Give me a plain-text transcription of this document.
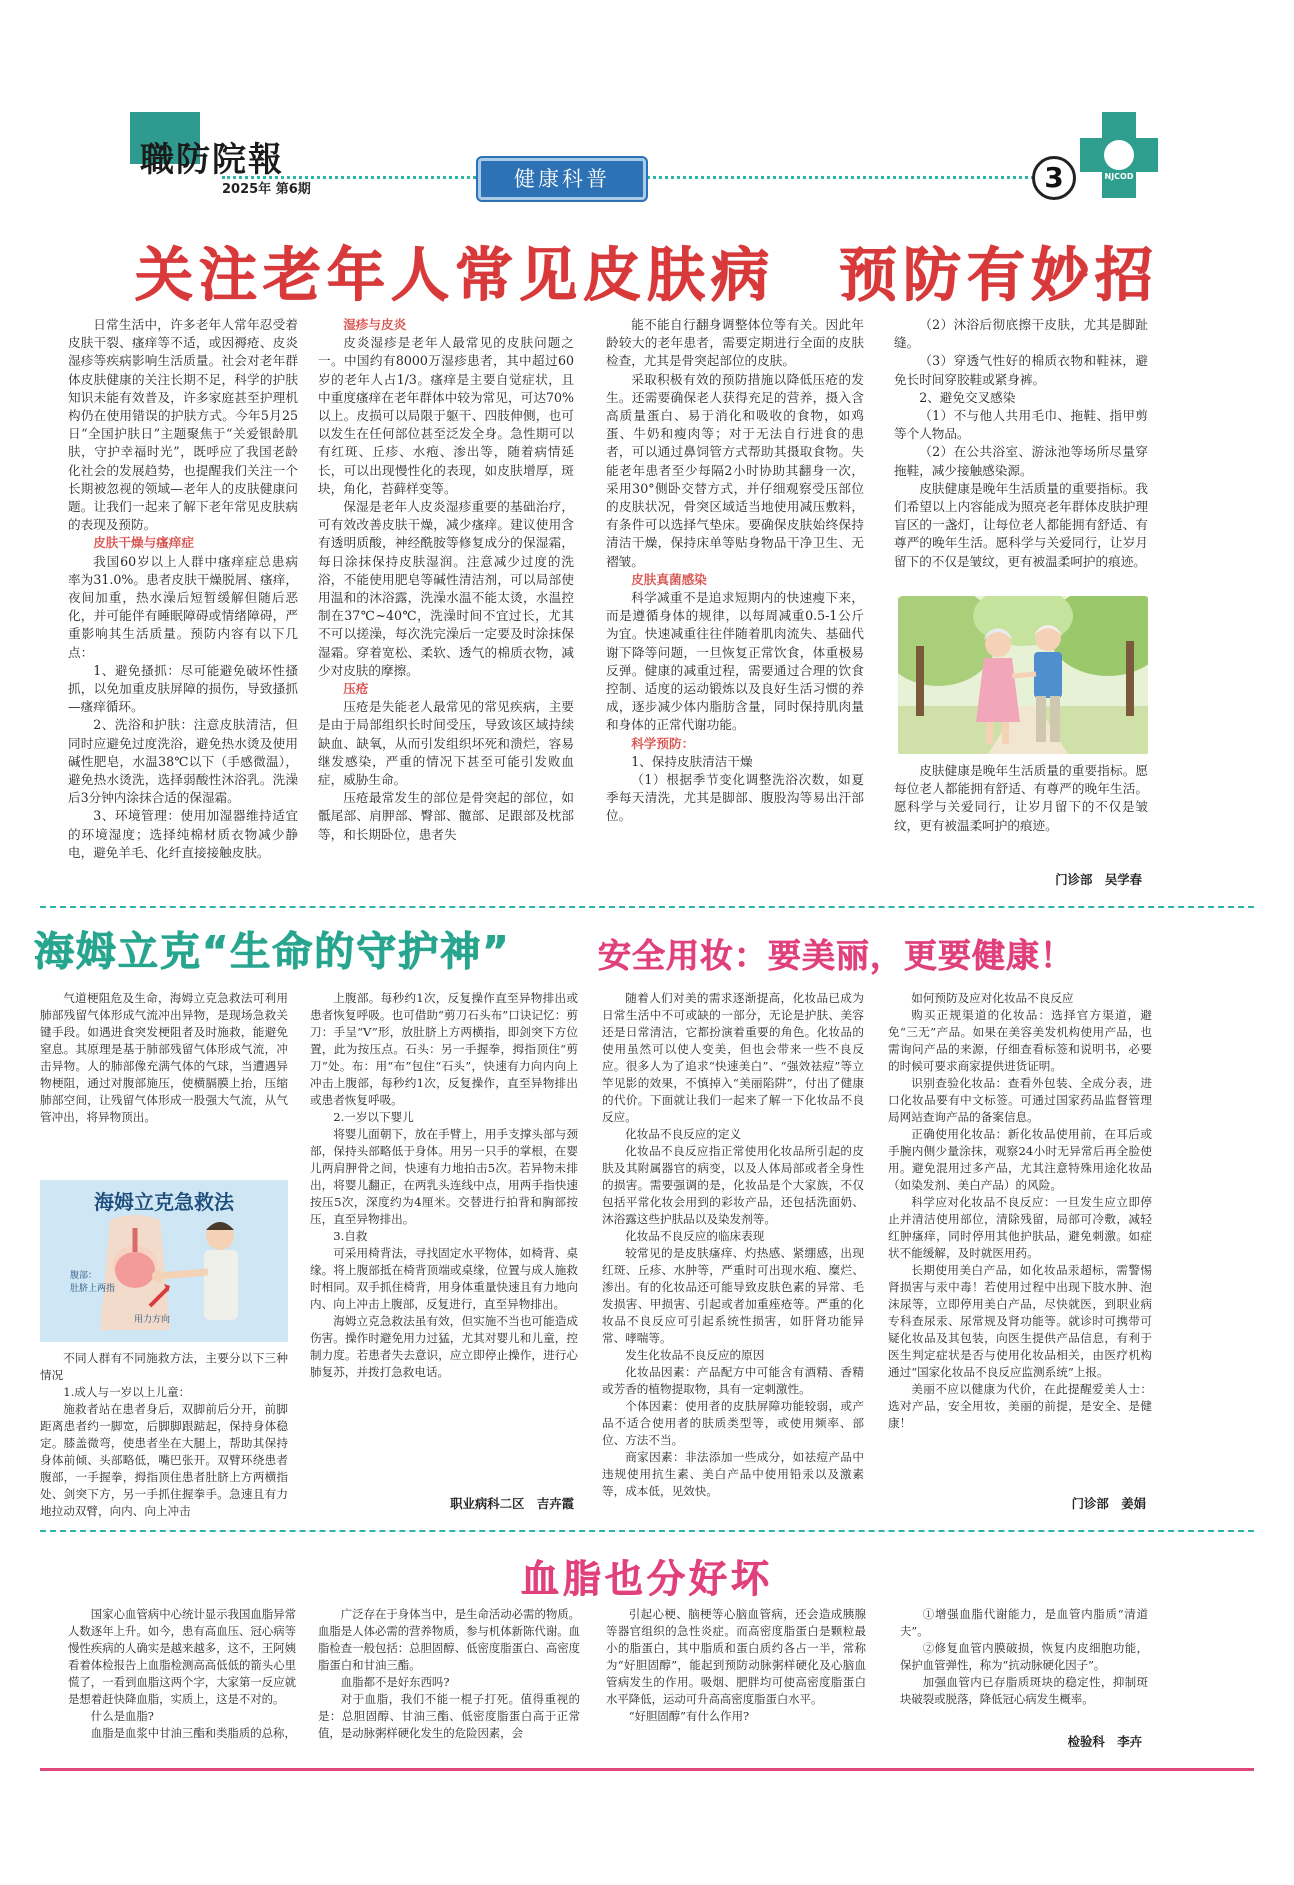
職防院報
2025年 第6期	健康科普	3	NJCOD
关注老年人常见皮肤病　预防有妙招

日常生活中，许多老年人常年忍受着皮肤干裂、瘙痒等不适，或因褥疮、皮炎湿疹等疾病影响生活质量。社会对老年群体皮肤健康的关注长期不足，科学的护肤知识未能有效普及，许多家庭甚至护理机构仍在使用错误的护肤方式。今年5月25日“全国护肤日”主题聚焦于“关爱银龄肌肤，守护幸福时光”，既呼应了我国老龄化社会的发展趋势，也提醒我们关注一个长期被忽视的领域—老年人的皮肤健康问题。让我们一起来了解下老年常见皮肤病的表现及预防。

皮肤干燥与瘙痒症

我国60岁以上人群中瘙痒症总患病率为31.0%。患者皮肤干燥脱屑、瘙痒，夜间加重，热水澡后短暂缓解但随后恶化，并可能伴有睡眠障碍或情绪障碍，严重影响其生活质量。预防内容有以下几点：

1、避免搔抓：尽可能避免破坏性搔抓，以免加重皮肤屏障的损伤，导致搔抓—瘙痒循环。

2、洗浴和护肤：注意皮肤清洁，但同时应避免过度洗浴，避免热水烫及使用碱性肥皂，水温38℃以下（手感微温），避免热水烫洗，选择弱酸性沐浴乳。洗澡后3分钟内涂抹合适的保湿霜。

3、环境管理：使用加湿器维持适宜的环境湿度；选择纯棉材质衣物减少静电，避免羊毛、化纤直接接触皮肤。

湿疹与皮炎

皮炎湿疹是老年人最常见的皮肤问题之一。中国约有8000万湿疹患者，其中超过60岁的老年人占1/3。瘙痒是主要自觉症状，且中重度瘙痒在老年群体中较为常见，可达70%以上。皮损可以局限于躯干、四肢伸侧，也可以发生在任何部位甚至泛发全身。急性期可以有红斑、丘疹、水疱、渗出等，随着病情延长，可以出现慢性化的表现，如皮肤增厚，斑块，角化，苔藓样变等。

保湿是老年人皮炎湿疹重要的基础治疗，可有效改善皮肤干燥，减少瘙痒。建议使用含有透明质酸，神经酰胺等修复成分的保湿霜，每日涂抹保持皮肤湿润。注意减少过度的洗浴，不能使用肥皂等碱性清洁剂，可以局部使用温和的沐浴露，洗澡水温不能太烫，水温控制在37℃~40℃，洗澡时间不宜过长，尤其不可以搓澡，每次洗完澡后一定要及时涂抹保湿霜。穿着宽松、柔软、透气的棉质衣物，减少对皮肤的摩擦。

压疮

压疮是失能老人最常见的常见疾病，主要是由于局部组织长时间受压，导致该区域持续缺血、缺氧，从而引发组织坏死和溃烂，容易继发感染，严重的情况下甚至可能引发败血症，威胁生命。

压疮最常发生的部位是骨突起的部位，如骶尾部、肩胛部、臀部、髋部、足跟部及枕部等，和长期卧位，患者失

能不能自行翻身调整体位等有关。因此年龄较大的老年患者，需要定期进行全面的皮肤检查，尤其是骨突起部位的皮肤。

采取积极有效的预防措施以降低压疮的发生。还需要确保老人获得充足的营养，摄入含高质量蛋白、易于消化和吸收的食物，如鸡蛋、牛奶和瘦肉等；对于无法自行进食的患者，可以通过鼻饲管方式帮助其摄取食物。失能老年患者至少每隔2小时协助其翻身一次，采用30°侧卧交替方式，并仔细观察受压部位的皮肤状况，骨突区域适当地使用减压敷料，有条件可以选择气垫床。要确保皮肤始终保持清洁干燥，保持床单等贴身物品干净卫生、无褶皱。

皮肤真菌感染

科学减重不是追求短期内的快速瘦下来，而是遵循身体的规律，以每周减重0.5-1公斤为宜。快速减重往往伴随着肌肉流失、基础代谢下降等问题，一旦恢复正常饮食，体重极易反弹。健康的减重过程，需要通过合理的饮食控制、适度的运动锻炼以及良好生活习惯的养成，逐步减少体内脂肪含量，同时保持肌肉量和身体的正常代谢功能。

科学预防：

1、保持皮肤清洁干燥

（1）根据季节变化调整洗浴次数，如夏季每天清洗，尤其是脚部、腹股沟等易出汗部位。

（2）沐浴后彻底擦干皮肤，尤其是脚趾缝。

（3）穿透气性好的棉质衣物和鞋袜，避免长时间穿胶鞋或紧身裤。

2、避免交叉感染

（1）不与他人共用毛巾、拖鞋、指甲剪等个人物品。

（2）在公共浴室、游泳池等场所尽量穿拖鞋，减少接触感染源。

皮肤健康是晚年生活质量的重要指标。我们希望以上内容能成为照亮老年群体皮肤护理盲区的一盏灯，让每位老人都能拥有舒适、有尊严的晚年生活。愿科学与关爱同行，让岁月留下的不仅是皱纹，更有被温柔呵护的痕迹。

皮肤健康是晚年生活质量的重要指标。愿每位老人都能拥有舒适、有尊严的晚年生活。愿科学与关爱同行，让岁月留下的不仅是皱纹，更有被温柔呵护的痕迹。

门诊部　吴学春
海姆立克“生命的守护神”

气道梗阻危及生命，海姆立克急救法可利用肺部残留气体形成气流冲出异物，是现场急救关键手段。如遇进食突发梗阻者及时施救，能避免窒息。其原理是基于肺部残留气体形成气流，冲击异物。人的肺部像充满气体的气球，当遭遇异物梗阻，通过对腹部施压，使横膈膜上抬，压缩肺部空间，让残留气体形成一股强大气流，从气管冲出，将异物顶出。

海姆立克急救法
腹部：
肚脐上两指
用力方向

不同人群有不同施救方法，主要分以下三种情况

1.成人与一岁以上儿童：

施救者站在患者身后，双脚前后分开，前脚距离患者约一脚宽，后脚脚跟踮起，保持身体稳定。膝盖微弯，使患者坐在大腿上，帮助其保持身体前倾、头部略低，嘴巴张开。双臂环绕患者腹部，一手握拳，拇指顶住患者肚脐上方两横指处、剑突下方，另一手抓住握拳手。急速且有力地拉动双臂，向内、向上冲击

上腹部。每秒约1次，反复操作直至异物排出或患者恢复呼吸。也可借助“剪刀石头布”口诀记忆：剪刀：手呈“V”形，放肚脐上方两横指，即剑突下方位置，此为按压点。石头：另一手握拳，拇指顶住“剪刀”处。布：用“布”包住“石头”，快速有力向内向上冲击上腹部，每秒约1次，反复操作，直至异物排出或患者恢复呼吸。

2.一岁以下婴儿

将婴儿面朝下，放在手臂上，用手支撑头部与颈部，保持头部略低于身体。用另一只手的掌根，在婴儿两肩胛骨之间，快速有力地拍击5次。若异物未排出，将婴儿翻正，在两乳头连线中点，用两手指快速按压5次，深度约为4厘米。交替进行拍背和胸部按压，直至异物排出。

3.自救

可采用椅背法，寻找固定水平物体，如椅背、桌缘。将上腹部抵在椅背顶端或桌缘，位置与成人施救时相同。双手抓住椅背，用身体重量快速且有力地向内、向上冲击上腹部，反复进行，直至异物排出。

海姆立克急救法虽有效，但实施不当也可能造成伤害。操作时避免用力过猛，尤其对婴儿和儿童，控制力度。若患者失去意识，应立即停止操作，进行心肺复苏，并拨打急救电话。

职业病科二区　吉卉霞
安全用妆：要美丽，更要健康！

随着人们对美的需求逐渐提高，化妆品已成为日常生活中不可或缺的一部分，无论是护肤、美容还是日常清洁，它都扮演着重要的角色。化妆品的使用虽然可以使人变美，但也会带来一些不良反应。很多人为了追求“快速美白”、“强效祛痘”等立竿见影的效果，不慎掉入“美丽陷阱”，付出了健康的代价。下面就让我们一起来了解一下化妆品不良反应。

化妆品不良反应的定义

化妆品不良反应指正常使用化妆品所引起的皮肤及其附属器官的病变，以及人体局部或者全身性的损害。需要强调的是，化妆品是个大家族，不仅包括平常化妆会用到的彩妆产品，还包括洗面奶、沐浴露这些护肤品以及染发剂等。

化妆品不良反应的临床表现

较常见的是皮肤瘙痒、灼热感、紧绷感，出现红斑、丘疹、水肿等，严重时可出现水疱、糜烂、渗出。有的化妆品还可能导致皮肤色素的异常、毛发损害、甲损害、引起或者加重痤疮等。严重的化妆品不良反应可引起系统性损害，如肝肾功能异常、哮喘等。

发生化妆品不良反应的原因

化妆品因素：产品配方中可能含有酒精、香精或芳香的植物提取物，具有一定刺激性。

个体因素：使用者的皮肤屏障功能较弱，或产品不适合使用者的肤质类型等，或使用频率、部位、方法不当。

商家因素：非法添加一些成分，如祛痘产品中违规使用抗生素、美白产品中使用铅汞以及激素等，成本低，见效快。

如何预防及应对化妆品不良反应

购买正规渠道的化妆品：选择官方渠道，避免“三无”产品。如果在美容美发机构使用产品，也需询问产品的来源，仔细查看标签和说明书，必要的时候可要求商家提供进货证明。

识别查验化妆品：查看外包装、全成分表，进口化妆品要有中文标签。可通过国家药品监督管理局网站查询产品的备案信息。

正确使用化妆品：新化妆品使用前，在耳后或手腕内侧少量涂抹，观察24小时无异常后再全脸使用。避免混用过多产品，尤其注意特殊用途化妆品（如染发剂、美白产品）的风险。

科学应对化妆品不良反应：一旦发生应立即停止并清洁使用部位，清除残留，局部可冷敷，减轻红肿瘙痒，同时停用其他护肤品，避免刺激。如症状不能缓解，及时就医用药。

长期使用美白产品，如化妆品汞超标，需警惕肾损害与汞中毒！若使用过程中出现下肢水肿、泡沫尿等，立即停用美白产品，尽快就医，到职业病专科查尿汞、尿常规及肾功能等。就诊时可携带可疑化妆品及其包装，向医生提供产品信息，有利于医生判定症状是否与使用化妆品相关，由医疗机构通过“国家化妆品不良反应监测系统”上报。

美丽不应以健康为代价，在此提醒爱美人士：选对产品，安全用妆，美丽的前提，是安全、是健康！

门诊部　姜娟
血脂也分好坏

国家心血管病中心统计显示我国血脂异常人数逐年上升。如今，患有高血压、冠心病等慢性疾病的人确实是越来越多，这不，王阿姨看着体检报告上血脂检测高高低低的箭头心里慌了，一看到血脂这两个字，大家第一反应就是想着赶快降血脂，实质上，这是不对的。

什么是血脂?

血脂是血浆中甘油三酯和类脂质的总称，

广泛存在于身体当中，是生命活动必需的物质。血脂是人体必需的营养物质，参与机体新陈代谢。血脂检查一般包括：总胆固醇、低密度脂蛋白、高密度脂蛋白和甘油三酯。

血脂都不是好东西吗?

对于血脂，我们不能一棍子打死。值得重视的是：总胆固醇、甘油三酯、低密度脂蛋白高于正常值，是动脉粥样硬化发生的危险因素，会

引起心梗、脑梗等心脑血管病，还会造成胰腺等器官组织的急性炎症。而高密度脂蛋白是颗粒最小的脂蛋白，其中脂质和蛋白质约各占一半，常称为“好胆固醇”，能起到预防动脉粥样硬化及心脑血管病发生的作用。吸烟、肥胖均可使高密度脂蛋白水平降低，运动可升高高密度脂蛋白水平。

“好胆固醇”有什么作用?

①增强血脂代谢能力，是血管内脂质“清道夫”。

②修复血管内膜破损，恢复内皮细胞功能，保护血管弹性，称为“抗动脉硬化因子”。

加强血管内已存脂质斑块的稳定性，抑制斑块破裂或脱落，降低冠心病发生概率。

检验科　李卉
